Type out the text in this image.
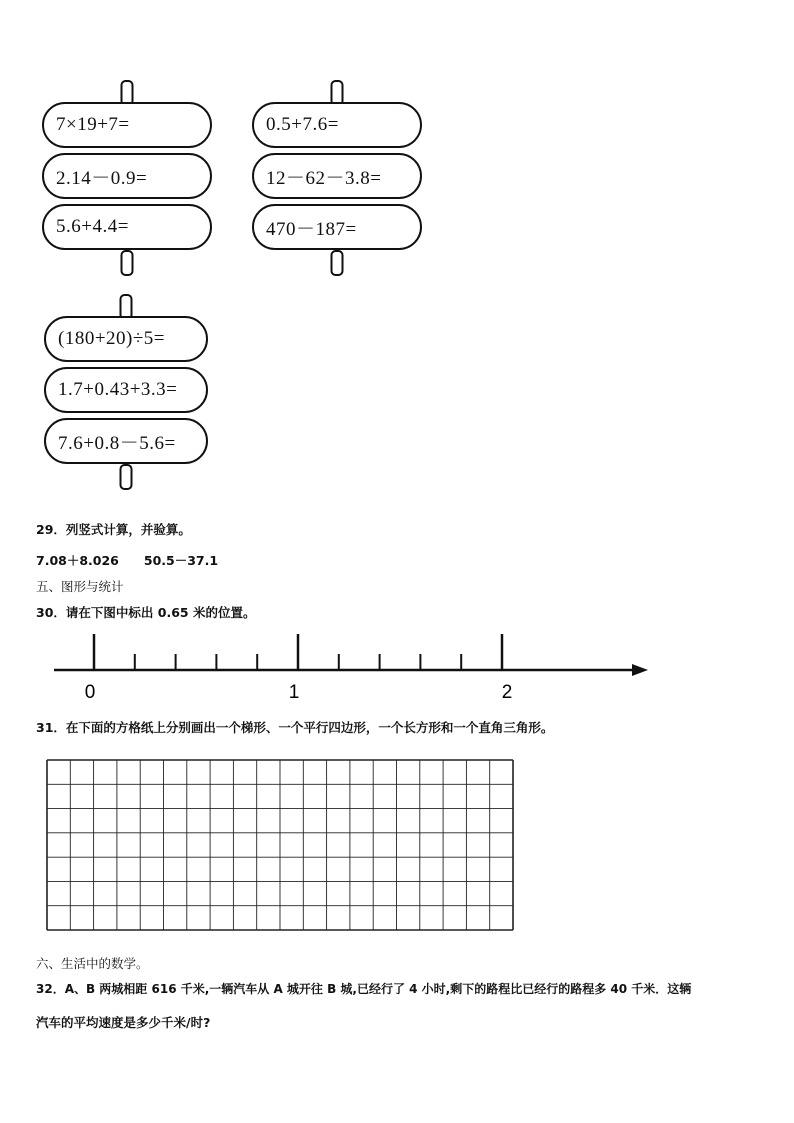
7×19+7=
2.14－0.9=
5.6+4.4=
0.5+7.6=
12－62－3.8=
470－187=
(180+20)÷5=
1.7+0.43+3.3=
7.6+0.8－5.6=
29．列竖式计算，并验算。
7.08＋8.026　　50.5－37.1
五、图形与统计
30．请在下图中标出 0.65 米的位置。
0	1	2
31．在下面的方格纸上分别画出一个梯形、一个平行四边形，一个长方形和一个直角三角形。
六、生活中的数学。
32．A、B 两城相距 616 千米,一辆汽车从 A 城开往 B 城,已经行了 4 小时,剩下的路程比已经行的路程多 40 千米．这辆
汽车的平均速度是多少千米/时?
